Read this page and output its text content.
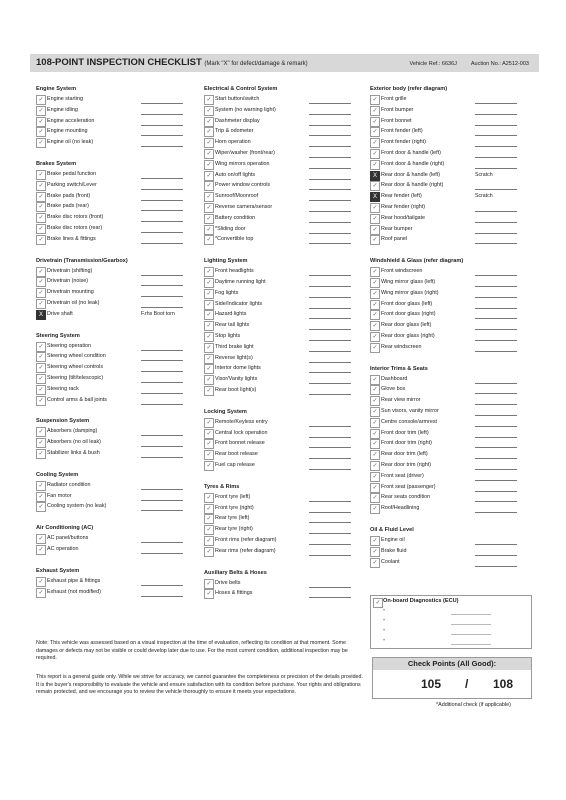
108-POINT INSPECTION CHECKLIST (Mark "X" for defect/damage & remark)	Vehicle Ref.: 6636J	Auction No.: A2512-003
Engine System
✓ Engine starting
✓ Engine idling
✓ Engine acceleration
✓ Engine mounting
✓ Engine oil (no leak)
Brakes System
✓ Brake pedal function
✓ Parking switch/Lever
✓ Brake pads (front)
✓ Brake pads (rear)
✓ Brake disc rotors (front)
✓ Brake disc rotors (rear)
✓ Brake lines & fittings
Drivetrain (Transmission/Gearbox)
✓ Drivetrain (shifting)
✓ Drivetrain (noise)
✓ Drivetrain mounting
✓ Drivetrain oil (no leak)
X Drive shaft	F.rhs Boot torn
Steering System
✓ Steering operation
✓ Steering wheel condition
✓ Steering wheel controls
✓ Steering (tilt/telescopic)
✓ Steering rack
✓ Control arms & ball joints
Suspension System
✓ Absorbers (damping)
✓ Absorbers (no oil leak)
✓ Stabilizer links & bush
Cooling System
✓ Radiator condition
✓ Fan motor
✓ Cooling system (no leak)
Air Conditioning (AC)
✓ AC panel/buttons
✓ AC operation
Exhaust System
✓ Exhaust pipe & fittings
✓ Exhaust (not modified)
Electrical & Control System
✓ Start button/switch
✓ System (no warning light)
✓ Dashmeter display
✓ Trip & odometer
✓ Horn operation
✓ Wiper/washer (front/rear)
✓ Wing mirrors operation
✓ Auto on/off lights
✓ Power window controls
✓ Sunroof/Moonroof
✓ Reverse camera/sensor
✓ Battery condition
✓ *Sliding door
✓ *Convertible top
Lighting System
✓ Front headlights
✓ Daytime running light
✓ Fog lights
✓ Side/Indicator lights
✓ Hazard lights
✓ Rear tail lights
✓ Stop lights
✓ Third brake light
✓ Reverse light(s)
✓ Interior dome lights
✓ Visor/Vanity lights
✓ Rear boot light(s)
Locking System
✓ Remote/Keyless entry
✓ Central lock operation
✓ Front bonnet release
✓ Rear boot release
✓ Fuel cap release
Tyres & Rims
✓ Front tyre (left)
✓ Front tyre (right)
✓ Rear tyre (left)
✓ Rear tyre (right)
✓ Front rims (refer diagram)
✓ Rear rims (refer diagram)
Auxiliary Belts & Hoses
✓ Drive belts
✓ Hoses & fittings
Exterior body (refer diagram)
✓ Front grille
✓ Front bumper
✓ Front bonnet
✓ Front fender (left)
✓ Front fender (right)
✓ Front door & handle (left)
✓ Front door & handle (right)
X Rear door & handle (left)	Scratch
✓ Rear door & handle (right)
X Rear fender (left)	Scratch
✓ Rear fender (right)
✓ Rear hood/tailgate
✓ Rear bumper
✓ Roof panel
Windshield & Glass (refer diagram)
✓ Front windscreen
✓ Wing mirror glass (left)
✓ Wing mirror glass (right)
✓ Front door glass (left)
✓ Front door glass (right)
✓ Rear door glass (left)
✓ Rear door glass (right)
✓ Rear windscreen
Interior Trims & Seats
✓ Dashboard
✓ Glove box
✓ Rear view mirror
✓ Sun visors, vanity mirror
✓ Centre console/armrest
✓ Front door trim (left)
✓ Front door trim (right)
✓ Rear door trim (left)
✓ Rear door trim (right)
✓ Front seat (driver)
✓ Front seat (passenger)
✓ Rear seats condition
✓ Roof/Headlining
Oil & Fluid Level
✓ Engine oil
✓ Brake fluid
✓ Coolant
✓ On-board Diagnostics (ECU)
•
•
•
•
Note: This vehicle was assessed based on a visual inspection at the time of evaluation, reflecting its condition at that moment. Some damages or defects may not be visible or could develop later due to use. For the most current condition, additional inspection may be required.
This report is a general guide only. While we strive for accuracy, we cannot guarantee the completeness or precision of the details provided. It is the buyer's responsibility to evaluate the vehicle and ensure satisfaction with its condition before purchase. Your rights and obligrations remain protected, and we encourage you to review the vehicle thoroughly to ensure it meets your expectations.
Check Points (All Good):
105 / 108
*Additional check (if applicable)
